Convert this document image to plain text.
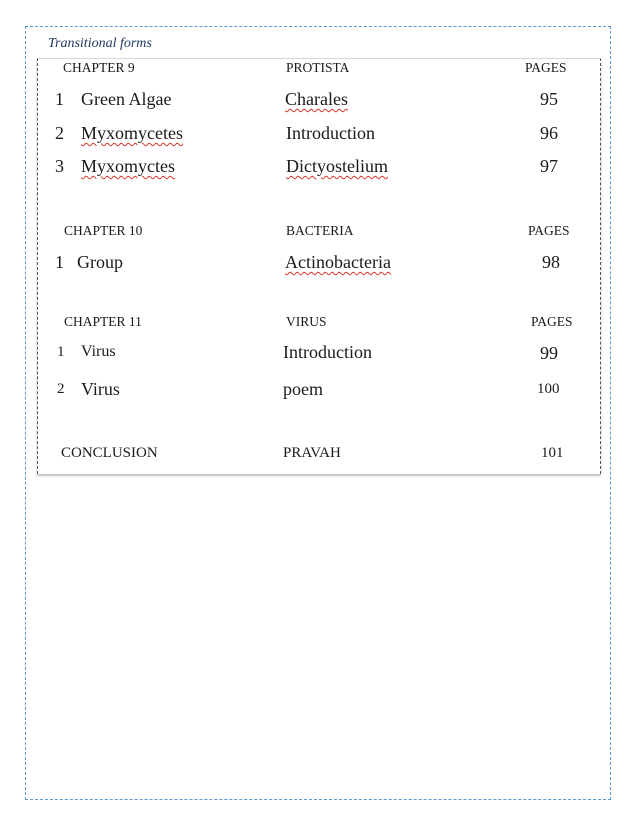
Transitional forms
CHAPTER 9	PROTISTA	PAGES
1 Green Algae	Charales	95
2 Myxomycetes	Introduction	96
3 Myxomyctes	Dictyostelium	97
CHAPTER 10	BACTERIA	PAGES
1 Group	Actinobacteria	98
CHAPTER 11	VIRUS	PAGES
1 Virus	Introduction	99
2 Virus	poem	100
CONCLUSION	PRAVAH	101
